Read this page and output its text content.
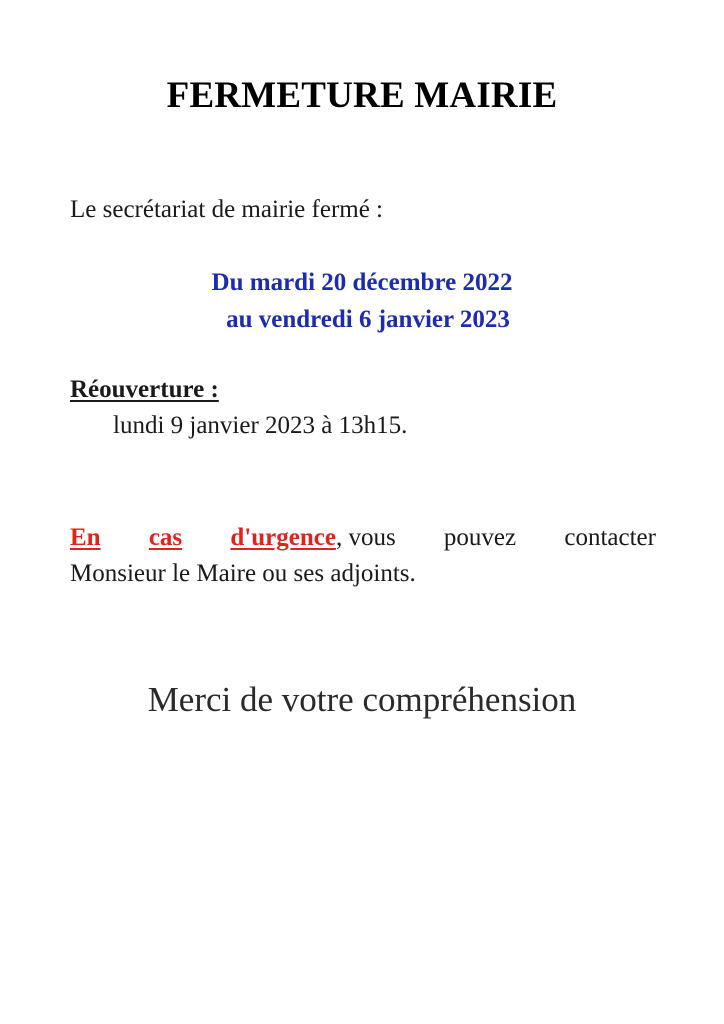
FERMETURE MAIRIE

Le secrétariat de mairie fermé :

Du mardi 20 décembre 2022
au vendredi 6 janvier 2023

Réouverture :

lundi 9 janvier 2023 à 13h15.

En cas d'urgence, vous pouvez contacter
Monsieur le Maire ou ses adjoints.

Merci de votre compréhension
